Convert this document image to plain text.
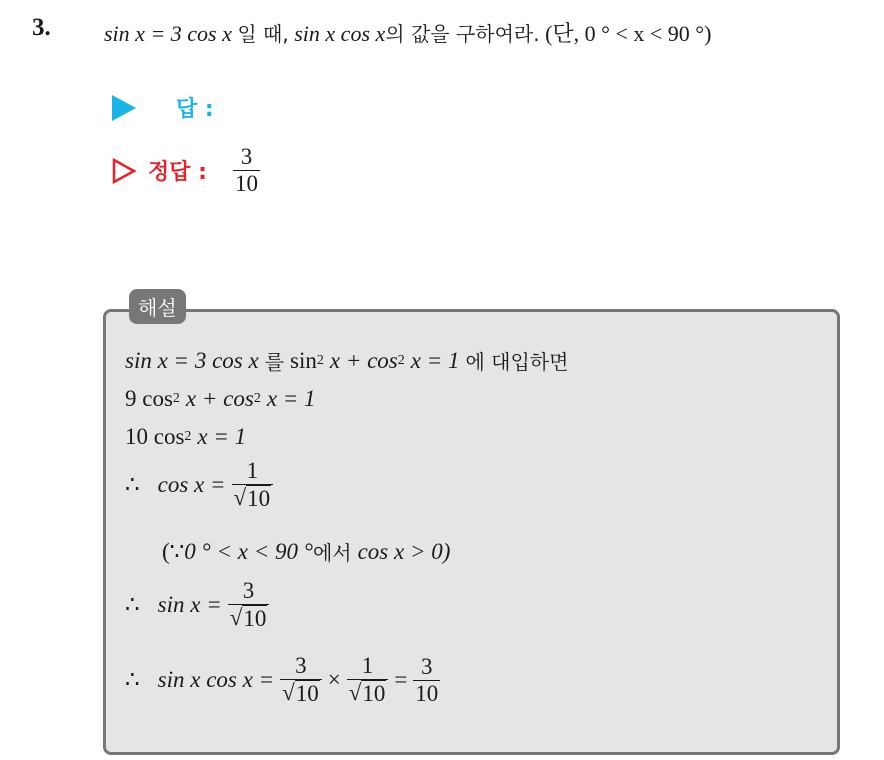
3. sin x = 3 cos x 일 때, sin x cos x의 값을 구하여라. (단, 0 ° < x < 90 °)
답 :
정답 : $\frac{3}{10}$
해설
sin x = 3 cos x 를 sin 2 x + cos 2 x = 1 에 대입하면
9 cos 2 x + cos 2 x = 1
10 cos 2 x = 1
∴ $\cos x = \frac{1}{√ 10}$
(∵ 0 ° < x < 90 ° 에서 cos x > 0)
∴ $\sin x = \frac{3}{√ 10}$
∴ sin x $\cos x = \frac{3}{√ 10} \times \frac{1}{√ 10} = \frac{3}{10}$
